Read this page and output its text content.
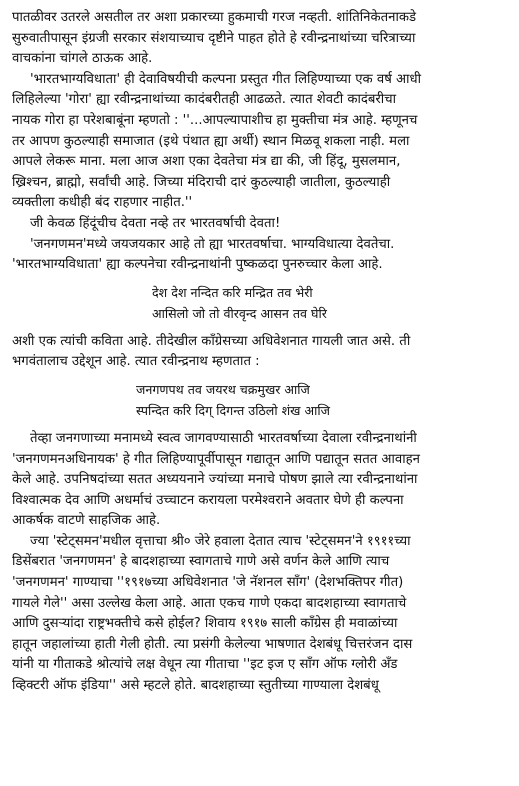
पातळीवर उतरले असतील तर अशा प्रकारच्या हुकमाची गरज नव्हती. शांतिनिकेतनाकडे
सुरुवातीपासून इंग्रजी सरकार संशयाच्याच दृष्टीने पाहत होते हे रवीन्द्रनाथांच्या चरित्राच्या
वाचकांना चांगले ठाऊक आहे.
'भारतभाग्यविधाता' ही देवाविषयीची कल्पना प्रस्तुत गीत लिहिण्याच्या एक वर्ष आधी
लिहिलेल्या 'गोरा' ह्या रवीन्द्रनाथांच्या कादंबरीतही आढळते. त्यात शेवटी कादंबरीचा
नायक गोरा हा परेशबाबूंना म्हणतो : ''...आपल्यापाशीच हा मुक्तीचा मंत्र आहे. म्हणूनच
तर आपण कुठल्याही समाजात (इथे पंथात ह्या अर्थी) स्थान मिळवू शकला नाही. मला
आपले लेकरू माना. मला आज अशा एका देवतेचा मंत्र द्या की, जी हिंदू, मुसलमान,
ख्रिश्चन, ब्राह्मो, सर्वांची आहे. जिच्या मंदिराची दारं कुठल्याही जातीला, कुठल्याही
व्यक्तीला कधीही बंद राहणार नाहीत.''
जी केवळ हिंदूंचीच देवता नव्हे तर भारतवर्षाची देवता!
'जनगणमन'मध्ये जयजयकार आहे तो ह्या भारतवर्षाचा. भाग्यविधात्या देवतेचा.
'भारतभाग्यविधाता' ह्या कल्पनेचा रवीन्द्रनाथांनी पुष्कळदा पुनरुच्चार केला आहे.
देश देश नन्दित करि मन्द्रित तव भेरी
आसिलो जो तो वीरवृन्द आसन तव घेरि
अशी एक त्यांची कविता आहे. तीदेखील काँग्रेसच्या अधिवेशनात गायली जात असे. ती
भगवंतालाच उद्देशून आहे. त्यात रवीन्द्रनाथ म्हणतात :
जनगणपथ तव जयरथ चक्रमुखर आजि
स्पन्दित करि दिग् दिगन्त उठिलो शंख आजि
तेव्हा जनगणाच्या मनामध्ये स्वत्व जागवण्यासाठी भारतवर्षाच्या देवाला रवीन्द्रनाथांनी
'जनगणमनअधिनायक' हे गीत लिहिण्यापूर्वीपासून गद्यातून आणि पद्यातून सतत आवाहन
केले आहे. उपनिषदांच्या सतत अध्ययनाने ज्यांच्या मनाचे पोषण झाले त्या रवीन्द्रनाथांना
विश्वात्मक देव आणि अधर्माचं उच्चाटन करायला परमेश्वराने अवतार घेणे ही कल्पना
आकर्षक वाटणे साहजिक आहे.
ज्या 'स्टेट्समन'मधील वृत्ताचा श्री० जेरे हवाला देतात त्याच 'स्टेट्समन'ने १९११च्या
डिसेंबरात 'जनगणमन' हे बादशहाच्या स्वागताचे गाणे असे वर्णन केले आणि त्याच
'जनगणमन' गाण्याचा ''१९१७च्या अधिवेशनात 'जे नॅशनल साँग' (देशभक्तिपर गीत)
गायले गेले'' असा उल्लेख केला आहे. आता एकच गाणे एकदा बादशहाच्या स्वागताचे
आणि दुसऱ्यांदा राष्ट्रभक्तीचे कसे होईल? शिवाय १९१७ साली काँग्रेस ही मवाळांच्या
हातून जहालांच्या हाती गेली होती. त्या प्रसंगी केलेल्या भाषणात देशबंधू चित्तरंजन दास
यांनी या गीताकडे श्रोत्यांचे लक्ष वेधून त्या गीताचा ''इट इज ए साँग ऑफ ग्लोरी अँड
व्हिक्टरी ऑफ इंडिया'' असे म्हटले होते. बादशहाच्या स्तुतीच्या गाण्याला देशबंधू
